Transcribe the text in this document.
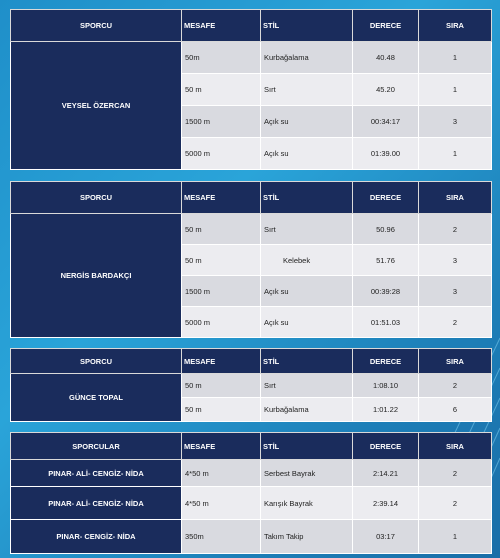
SPORCU	MESAFE	STİL	DERECE	SIRA
VEYSEL ÖZERCAN	50m	Kurbağalama	40.48	1
	50 m	Sırt	45.20	1
	1500 m	Açık su	00:34:17	3
	5000 m	Açık su	01:39.00	1
SPORCU	MESAFE	STİL	DERECE	SIRA
NERGİS BARDAKÇI	50 m	Sırt	50.96	2
	50 m	Kelebek	51.76	3
	1500 m	Açık su	00:39:28	3
	5000 m	Açık su	01:51.03	2
SPORCU	MESAFE	STİL	DERECE	SIRA
GÜNCE TOPAL	50 m	Sırt	1:08.10	2
	50 m	Kurbağalama	1:01.22	6
SPORCULAR	MESAFE	STİL	DERECE	SIRA
PINAR- ALİ- CENGİZ- NİDA	4*50 m	Serbest Bayrak	2:14.21	2
PINAR- ALİ- CENGİZ- NİDA	4*50 m	Karışık Bayrak	2:39.14	2
PINAR- CENGİZ- NİDA	350m	Takım Takip	03:17	1
